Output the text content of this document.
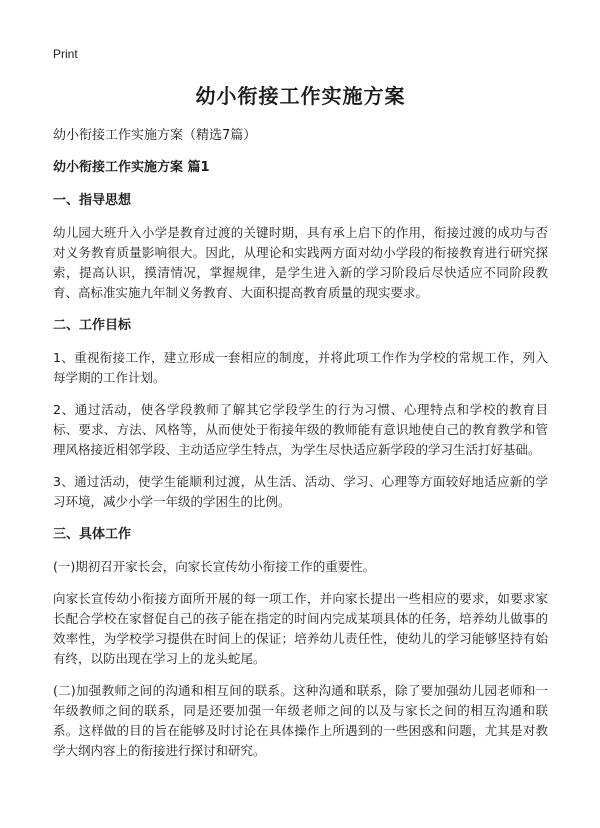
Print
幼小衔接工作实施方案
幼小衔接工作实施方案（精选7篇）
幼小衔接工作实施方案 篇1
一、指导思想
幼儿园大班升入小学是教育过渡的关键时期，具有承上启下的作用，衔接过渡的成功与否对义务教育质量影响很大。因此，从理论和实践两方面对幼小学段的衔接教育进行研究探索，提高认识，摸清情况，掌握规律，是学生进入新的学习阶段后尽快适应不同阶段教育、高标准实施九年制义务教育、大面积提高教育质量的现实要求。
二、工作目标
1、重视衔接工作，建立形成一套相应的制度，并将此项工作作为学校的常规工作，列入每学期的工作计划。
2、通过活动，使各学段教师了解其它学段学生的行为习惯、心理特点和学校的教育目标、要求、方法、风格等，从而使处于衔接年级的教师能有意识地使自己的教育教学和管理风格接近相邻学段、主动适应学生特点，为学生尽快适应新学段的学习生活打好基础。
3、通过活动，使学生能顺利过渡，从生活、活动、学习、心理等方面较好地适应新的学习环境，减少小学一年级的学困生的比例。
三、具体工作
(一)期初召开家长会，向家长宣传幼小衔接工作的重要性。
向家长宣传幼小衔接方面所开展的每一项工作，并向家长提出一些相应的要求，如要求家长配合学校在家督促自己的孩子能在指定的时间内完成某项具体的任务，培养幼儿做事的效率性，为学校学习提供在时间上的保证；培养幼儿责任性，使幼儿的学习能够坚持有始有终，以防出现在学习上的龙头蛇尾。
(二)加强教师之间的沟通和相互间的联系。这种沟通和联系，除了要加强幼儿园老师和一年级教师之间的联系，同是还要加强一年级老师之间的以及与家长之间的相互沟通和联系。这样做的目的旨在能够及时讨论在具体操作上所遇到的一些困惑和问题，尤其是对教学大纲内容上的衔接进行探讨和研究。
